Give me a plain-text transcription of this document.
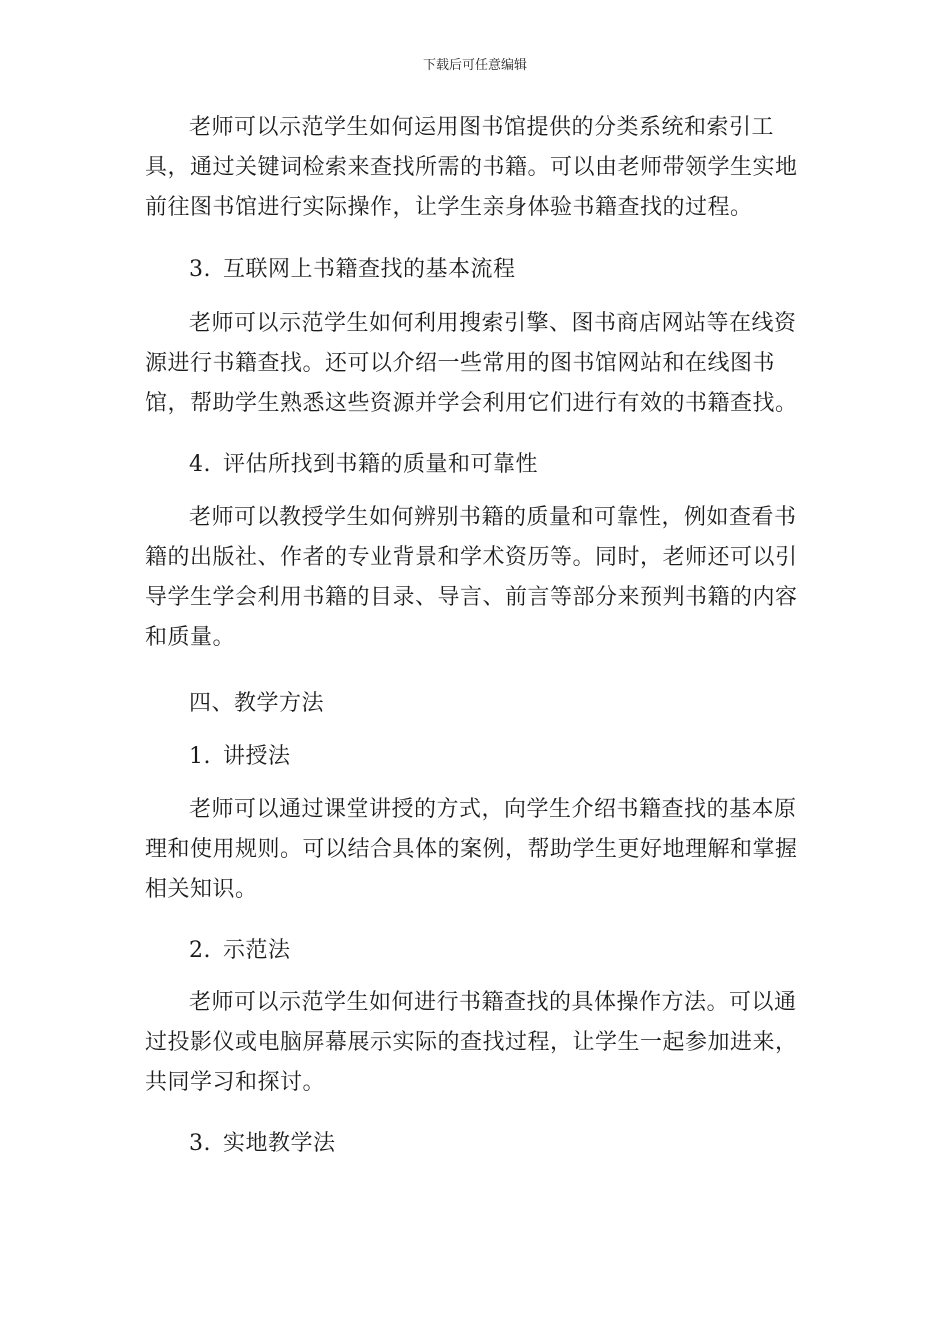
下载后可任意编辑

老师可以示范学生如何运用图书馆提供的分类系统和索引工具，通过关键词检索来查找所需的书籍。可以由老师带领学生实地前往图书馆进行实际操作，让学生亲身体验书籍查找的过程。

3. 互联网上书籍查找的基本流程

老师可以示范学生如何利用搜索引擎、图书商店网站等在线资源进行书籍查找。还可以介绍一些常用的图书馆网站和在线图书馆，帮助学生熟悉这些资源并学会利用它们进行有效的书籍查找。

4. 评估所找到书籍的质量和可靠性

老师可以教授学生如何辨别书籍的质量和可靠性，例如查看书籍的出版社、作者的专业背景和学术资历等。同时，老师还可以引导学生学会利用书籍的目录、导言、前言等部分来预判书籍的内容和质量。

四、教学方法
1. 讲授法

老师可以通过课堂讲授的方式，向学生介绍书籍查找的基本原理和使用规则。可以结合具体的案例，帮助学生更好地理解和掌握相关知识。

2. 示范法

老师可以示范学生如何进行书籍查找的具体操作方法。可以通过投影仪或电脑屏幕展示实际的查找过程，让学生一起参加进来，共同学习和探讨。

3. 实地教学法
